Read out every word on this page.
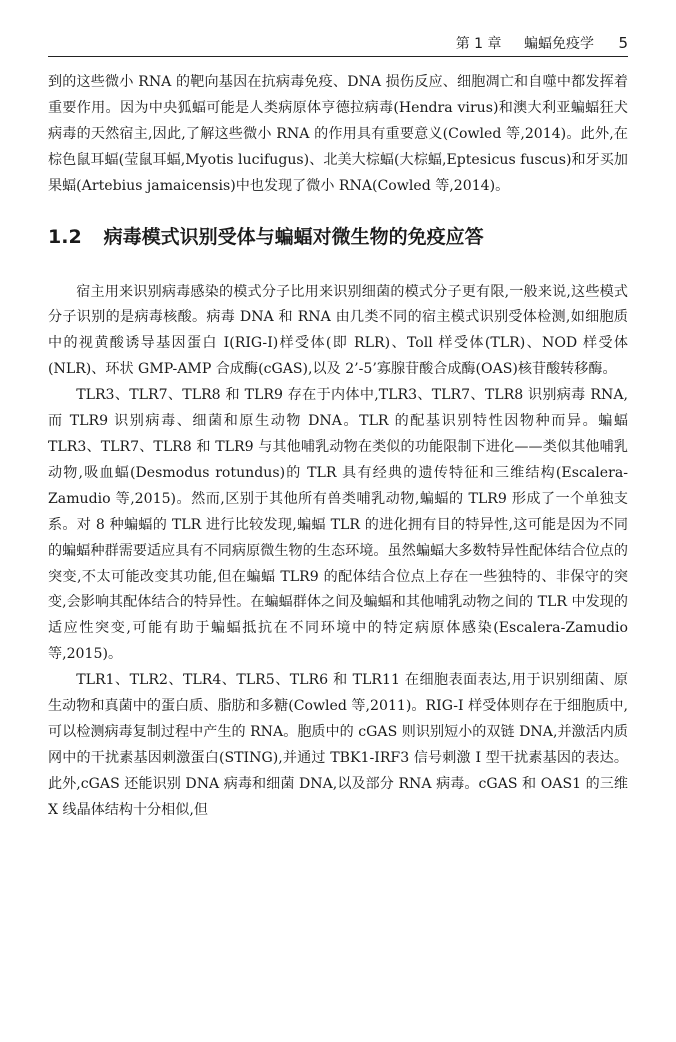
第 1 章 蝙蝠免疫学 5

到的这些微小 RNA 的靶向基因在抗病毒免疫、DNA 损伤反应、细胞凋亡和自噬中都发挥着重要作用。因为中央狐蝠可能是人类病原体亨德拉病毒(Hendra virus)和澳大利亚蝙蝠狂犬病毒的天然宿主,因此,了解这些微小 RNA 的作用具有重要意义(Cowled 等,2014)。此外,在棕色鼠耳蝠(莹鼠耳蝠,Myotis lucifugus)、北美大棕蝠(大棕蝠,Eptesicus fuscus)和牙买加果蝠(Artebius jamaicensis)中也发现了微小 RNA(Cowled 等,2014)。

1.2 病毒模式识别受体与蝙蝠对微生物的免疫应答

宿主用来识别病毒感染的模式分子比用来识别细菌的模式分子更有限,一般来说,这些模式分子识别的是病毒核酸。病毒 DNA 和 RNA 由几类不同的宿主模式识别受体检测,如细胞质中的视黄酸诱导基因蛋白 I(RIG-I)样受体(即 RLR)、Toll 样受体(TLR)、NOD 样受体(NLR)、环状 GMP-AMP 合成酶(cGAS),以及 2’-5’寡腺苷酸合成酶(OAS)核苷酸转移酶。

TLR3、TLR7、TLR8 和 TLR9 存在于内体中,TLR3、TLR7、TLR8 识别病毒 RNA,而 TLR9 识别病毒、细菌和原生动物 DNA。TLR 的配基识别特性因物种而异。蝙蝠 TLR3、TLR7、TLR8 和 TLR9 与其他哺乳动物在类似的功能限制下进化——类似其他哺乳动物,吸血蝠(Desmodus rotundus)的 TLR 具有经典的遗传特征和三维结构(Escalera-Zamudio 等,2015)。然而,区别于其他所有兽类哺乳动物,蝙蝠的 TLR9 形成了一个单独支系。对 8 种蝙蝠的 TLR 进行比较发现,蝙蝠 TLR 的进化拥有目的特异性,这可能是因为不同的蝙蝠种群需要适应具有不同病原微生物的生态环境。虽然蝙蝠大多数特异性配体结合位点的突变,不太可能改变其功能,但在蝙蝠 TLR9 的配体结合位点上存在一些独特的、非保守的突变,会影响其配体结合的特异性。在蝙蝠群体之间及蝙蝠和其他哺乳动物之间的 TLR 中发现的适应性突变,可能有助于蝙蝠抵抗在不同环境中的特定病原体感染(Escalera-Zamudio 等,2015)。

TLR1、TLR2、TLR4、TLR5、TLR6 和 TLR11 在细胞表面表达,用于识别细菌、原生动物和真菌中的蛋白质、脂肪和多糖(Cowled 等,2011)。RIG-I 样受体则存在于细胞质中,可以检测病毒复制过程中产生的 RNA。胞质中的 cGAS 则识别短小的双链 DNA,并激活内质网中的干扰素基因刺激蛋白(STING),并通过 TBK1-IRF3 信号刺激 I 型干扰素基因的表达。此外,cGAS 还能识别 DNA 病毒和细菌 DNA,以及部分 RNA 病毒。cGAS 和 OAS1 的三维 X 线晶体结构十分相似,但
